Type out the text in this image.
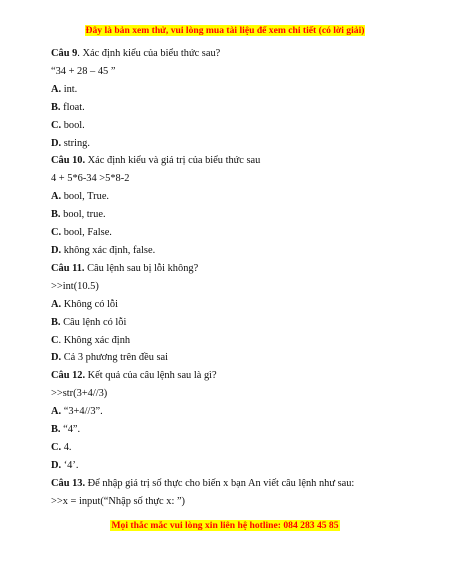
Đây là bản xem thử, vui lòng mua tài liệu để xem chi tiết (có lời giải)
Câu 9. Xác định kiểu của biểu thức sau?
“34 + 28 – 45 ”
A. int.
B. float.
C. bool.
D. string.
Câu 10. Xác định kiểu và giá trị của biểu thức sau
4 + 5*6-34 >5*8-2
A. bool, True.
B. bool, true.
C. bool, False.
D. không xác định, false.
Câu 11. Câu lệnh sau bị lỗi không?
>>int(10.5)
A. Không có lỗi
B. Câu lệnh có lỗi
C. Không xác định
D. Cả 3 phương trên đều sai
Câu 12. Kết quả của câu lệnh sau là gì?
>>str(3+4//3)
A. “3+4//3”.
B. “4”.
C. 4.
D. ‘4’.
Câu 13. Để nhập giá trị số thực cho biến x bạn An viết câu lệnh như sau:
>>x = input(“Nhập số thực x: ”)
Mọi thắc mắc vui lòng xin liên hệ hotline: 084 283 45 85
